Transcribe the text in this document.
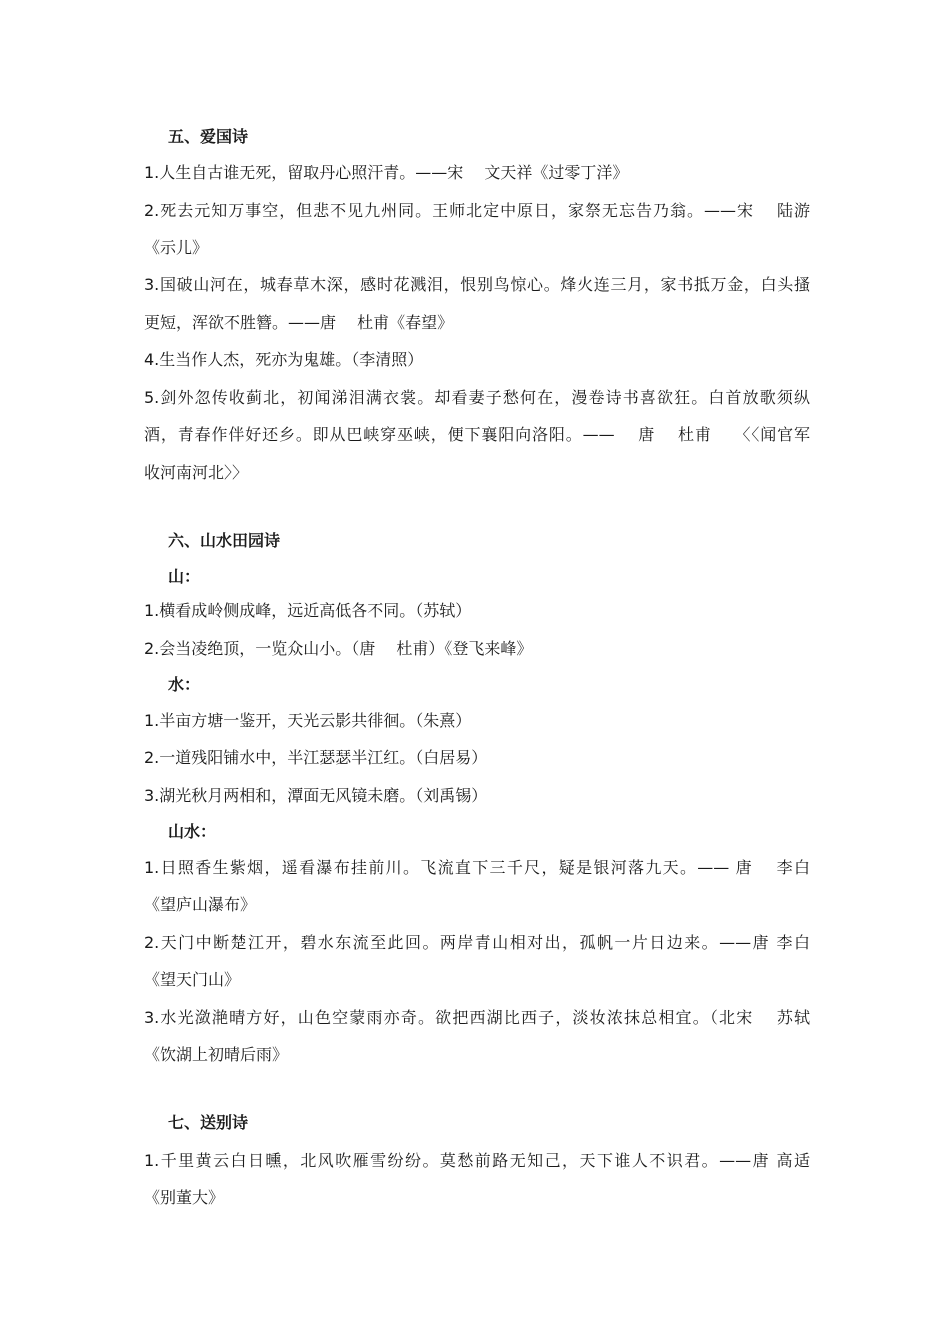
五、爱国诗
1.人生自古谁无死，留取丹心照汗青。——宋　 文天祥《过零丁洋》
2.死去元知万事空，但悲不见九州同。王师北定中原日，家祭无忘告乃翁。——宋　 陆游
《示儿》
3.国破山河在，城春草木深，感时花溅泪，恨别鸟惊心。烽火连三月，家书抵万金，白头搔
更短，浑欲不胜簪。——唐　 杜甫《春望》
4.生当作人杰，死亦为鬼雄。（李清照）
5.剑外忽传收蓟北，初闻涕泪满衣裳。却看妻子愁何在，漫卷诗书喜欲狂。白首放歌须纵
酒，青春作伴好还乡。即从巴峡穿巫峡，便下襄阳向洛阳。——　 唐　 杜甫　 〈〈闻官军
收河南河北〉〉
六、山水田园诗
山：
1.横看成岭侧成峰，远近高低各不同。（苏轼）
2.会当凌绝顶，一览众山小。（唐　 杜甫）《登飞来峰》
水：
1.半亩方塘一鉴开，天光云影共徘徊。（朱熹）
2.一道残阳铺水中，半江瑟瑟半江红。（白居易）
3.湖光秋月两相和，潭面无风镜未磨。（刘禹锡）
山水：
1.日照香生紫烟，遥看瀑布挂前川。飞流直下三千尺，疑是银河落九天。—— 唐　 李白
《望庐山瀑布》
2.天门中断楚江开，碧水东流至此回。两岸青山相对出，孤帆一片日边来。——唐 李白
《望天门山》
3.水光潋滟晴方好，山色空蒙雨亦奇。欲把西湖比西子，淡妆浓抹总相宜。（北宋　 苏轼
《饮湖上初晴后雨》
七、送别诗
1.千里黄云白日曛，北风吹雁雪纷纷。莫愁前路无知己，天下谁人不识君。——唐 高适
《别董大》
